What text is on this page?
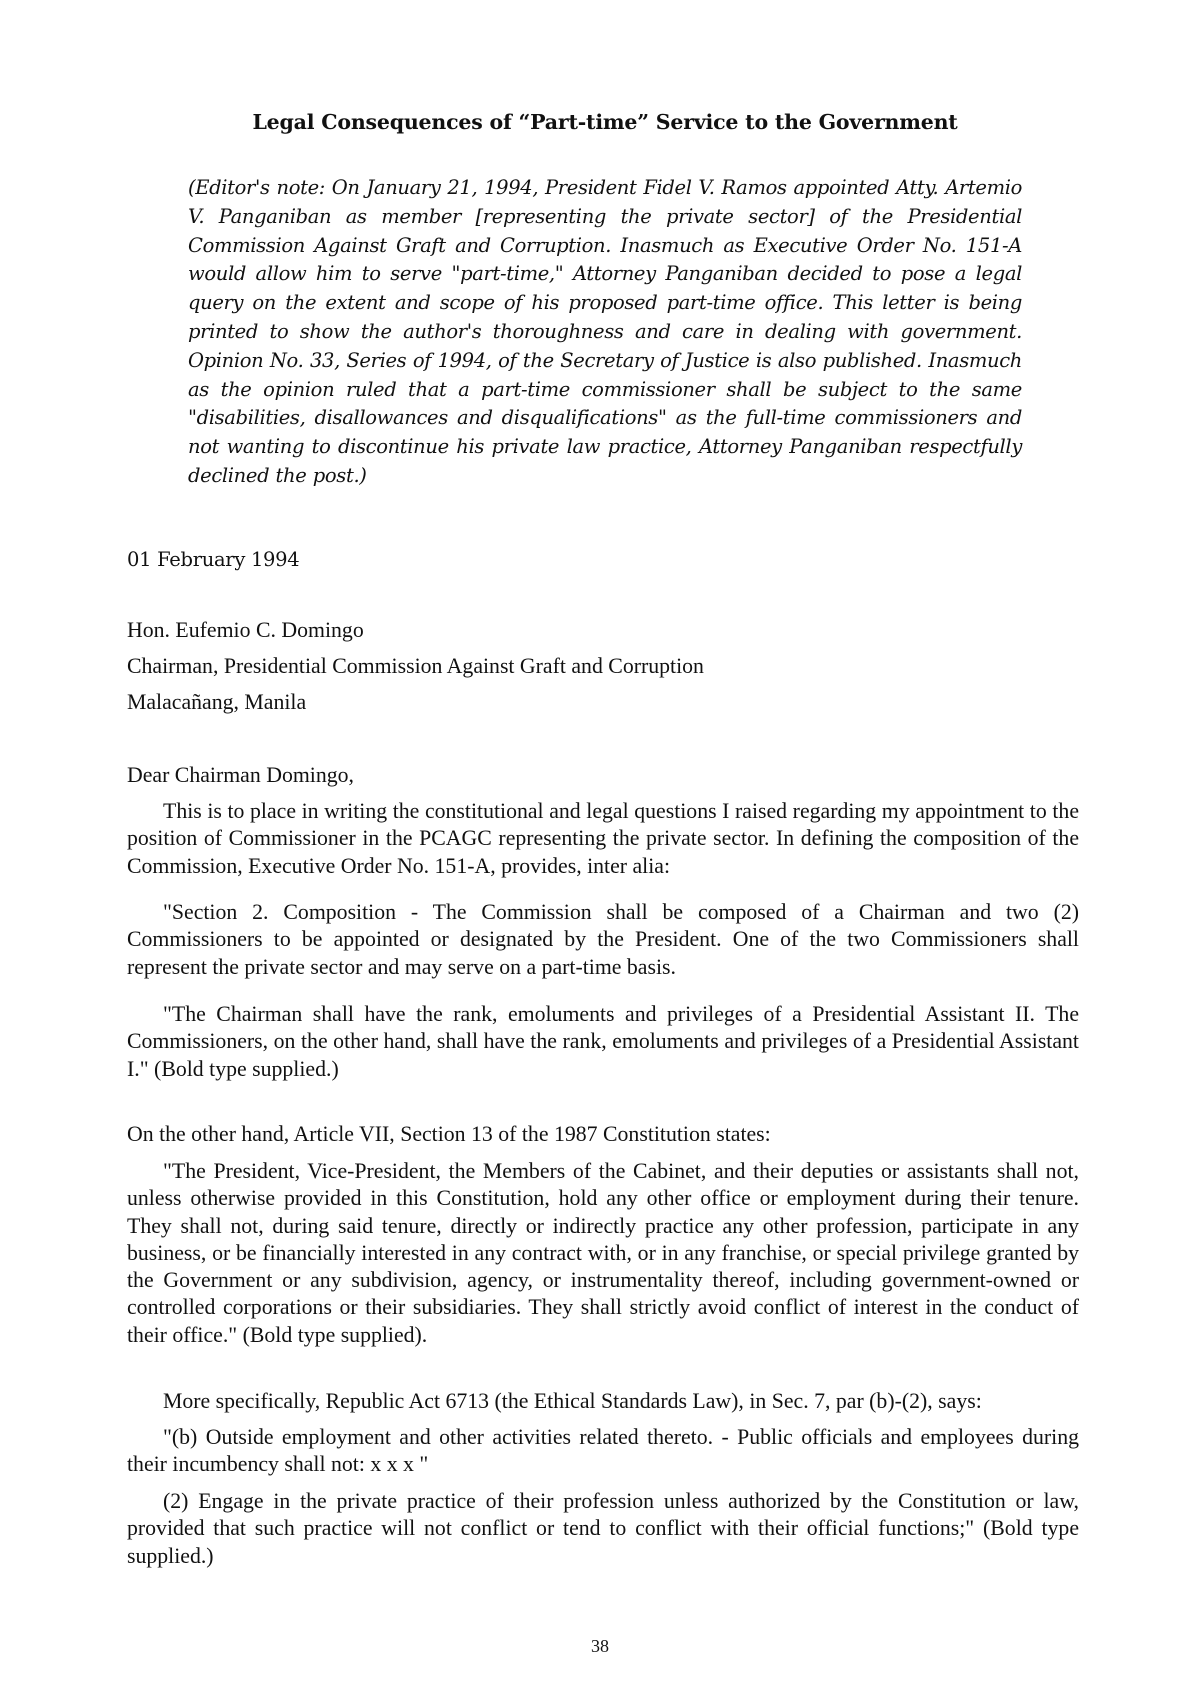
Legal Consequences of “Part-time” Service to the Government

(Editor's note: On January 21, 1994, President Fidel V. Ramos appointed Atty. Artemio V. Panganiban as member [representing the private sector] of the Presidential Commission Against Graft and Corruption. Inasmuch as Executive Order No. 151-A would allow him to serve "part-time," Attorney Panganiban decided to pose a legal query on the extent and scope of his proposed part-time office. This letter is being printed to show the author's thoroughness and care in dealing with government. Opinion No. 33, Series of 1994, of the Secretary of Justice is also published. Inasmuch as the opinion ruled that a part-time commissioner shall be subject to the same "disabilities, disallowances and disqualifications" as the full-time commissioners and not wanting to discontinue his private law practice, Attorney Panganiban respectfully declined the post.)

01 February 1994

Hon. Eufemio C. Domingo

Chairman, Presidential Commission Against Graft and Corruption

Malacañang, Manila

Dear Chairman Domingo,

This is to place in writing the constitutional and legal questions I raised regarding my appointment to the position of Commissioner in the PCAGC representing the private sector. In defining the composition of the Commission, Executive Order No. 151-A, provides, inter alia:

"Section 2. Composition - The Commission shall be composed of a Chairman and two (2) Commissioners to be appointed or designated by the President. One of the two Commissioners shall represent the private sector and may serve on a part-time basis.

"The Chairman shall have the rank, emoluments and privileges of a Presidential Assistant II. The Commissioners, on the other hand, shall have the rank, emoluments and privileges of a Presidential Assistant I." (Bold type supplied.)

On the other hand, Article VII, Section 13 of the 1987 Constitution states:

"The President, Vice-President, the Members of the Cabinet, and their deputies or assistants shall not, unless otherwise provided in this Constitution, hold any other office or employment during their tenure. They shall not, during said tenure, directly or indirectly practice any other profession, participate in any business, or be financially interested in any contract with, or in any franchise, or special privilege granted by the Government or any subdivision, agency, or instrumentality thereof, including government-owned or controlled corporations or their subsidiaries. They shall strictly avoid conflict of interest in the conduct of their office." (Bold type supplied).

More specifically, Republic Act 6713 (the Ethical Standards Law), in Sec. 7, par (b)-(2), says:

"(b) Outside employment and other activities related thereto. - Public officials and employees during their incumbency shall not: x x x "

(2) Engage in the private practice of their profession unless authorized by the Constitution or law, provided that such practice will not conflict or tend to conflict with their official functions;" (Bold type supplied.)

38
